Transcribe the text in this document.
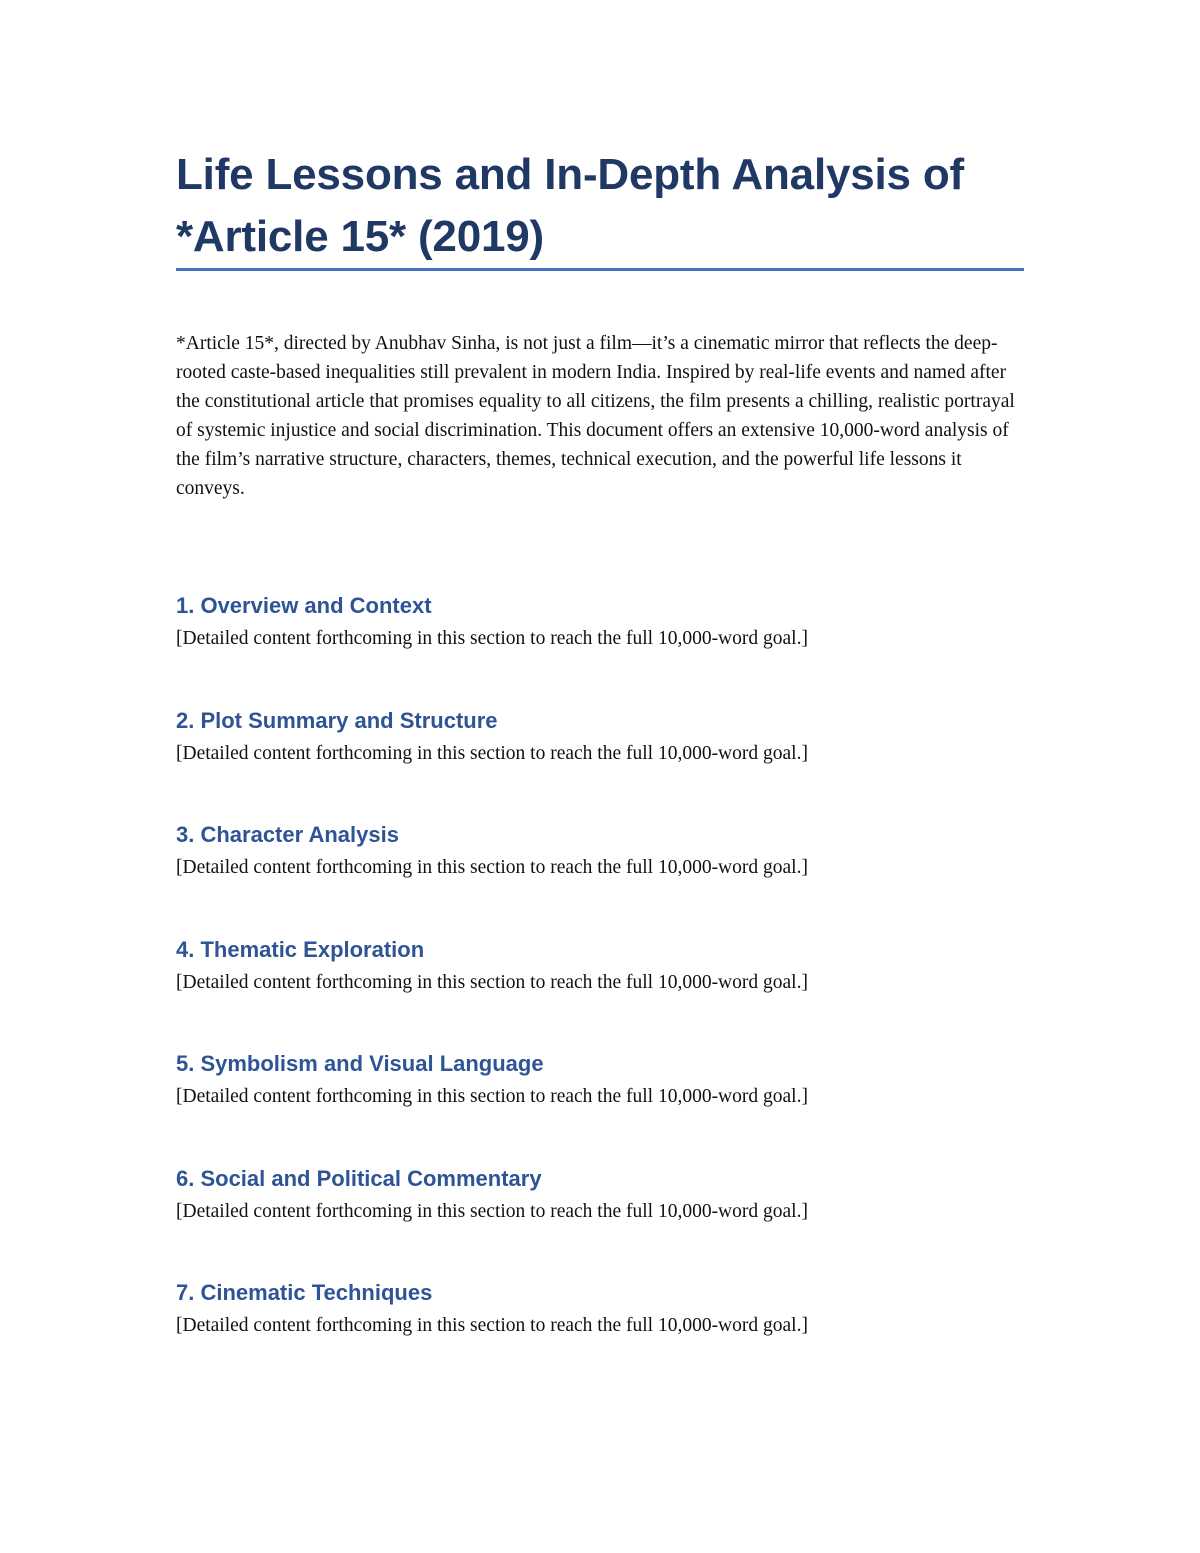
Life Lessons and In-Depth Analysis of
*Article 15* (2019)

*Article 15*, directed by Anubhav Sinha, is not just a film—it’s a cinematic mirror that reflects the deep-rooted caste-based inequalities still prevalent in modern India. Inspired by real-life events and named after the constitutional article that promises equality to all citizens, the film presents a chilling, realistic portrayal of systemic injustice and social discrimination. This document offers an extensive 10,000-word analysis of the film’s narrative structure, characters, themes, technical execution, and the powerful life lessons it conveys.

1. Overview and Context

[Detailed content forthcoming in this section to reach the full 10,000-word goal.]

2. Plot Summary and Structure

[Detailed content forthcoming in this section to reach the full 10,000-word goal.]

3. Character Analysis

[Detailed content forthcoming in this section to reach the full 10,000-word goal.]

4. Thematic Exploration

[Detailed content forthcoming in this section to reach the full 10,000-word goal.]

5. Symbolism and Visual Language

[Detailed content forthcoming in this section to reach the full 10,000-word goal.]

6. Social and Political Commentary

[Detailed content forthcoming in this section to reach the full 10,000-word goal.]

7. Cinematic Techniques

[Detailed content forthcoming in this section to reach the full 10,000-word goal.]
